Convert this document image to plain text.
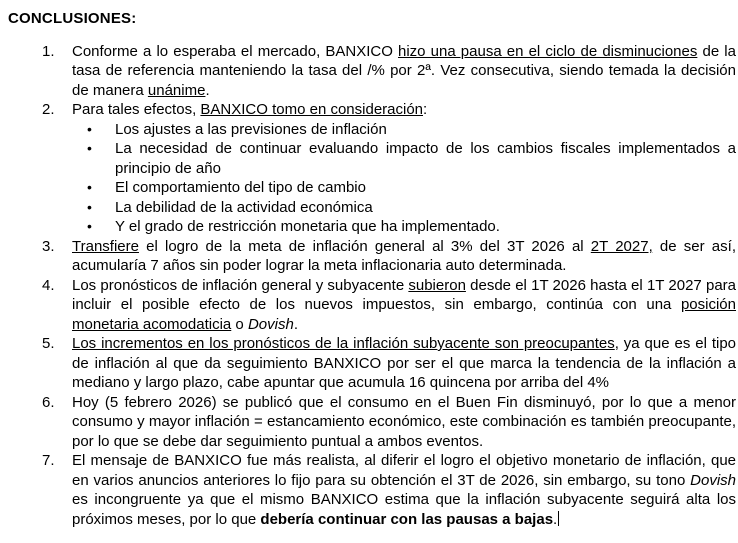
CONCLUSIONES:
1.	Conforme a lo esperaba el mercado, BANXICO hizo una pausa en el ciclo de disminuciones de la tasa de referencia manteniendo la tasa del /% por 2ª. Vez consecutiva, siendo temada la decisión de manera unánime.
2.	Para tales efectos, BANXICO tomo en consideración:
•	Los ajustes a las previsiones de inflación
•	La necesidad de continuar evaluando impacto de los cambios fiscales implementados a principio de año
•	El comportamiento del tipo de cambio
•	La debilidad de la actividad económica
•	Y el grado de restricción monetaria que ha implementado.
3.	Transfiere el logro de la meta de inflación general al 3% del 3T 2026 al 2T 2027, de ser así, acumularía 7 años sin poder lograr la meta inflacionaria auto determinada.
4.	Los pronósticos de inflación general y subyacente subieron desde el 1T 2026 hasta el 1T 2027 para incluir el posible efecto de los nuevos impuestos, sin embargo, continúa con una posición monetaria acomodaticia o Dovish.
5.	Los incrementos en los pronósticos de la inflación subyacente son preocupantes, ya que es el tipo de inflación al que da seguimiento BANXICO por ser el que marca la tendencia de la inflación a mediano y largo plazo, cabe apuntar que acumula 16 quincena por arriba del 4%
6.	Hoy (5 febrero 2026) se publicó que el consumo en el Buen Fin disminuyó, por lo que a menor consumo y mayor inflación = estancamiento económico, este combinación es también preocupante, por lo que se debe dar seguimiento puntual a ambos eventos.
7.	El mensaje de BANXICO fue más realista, al diferir el logro el objetivo monetario de inflación, que en varios anuncios anteriores lo fijo para su obtención el 3T de 2026, sin embargo, su tono Dovish es incongruente ya que el mismo BANXICO estima que la inflación subyacente seguirá alta los próximos meses, por lo que debería continuar con las pausas a bajas.
